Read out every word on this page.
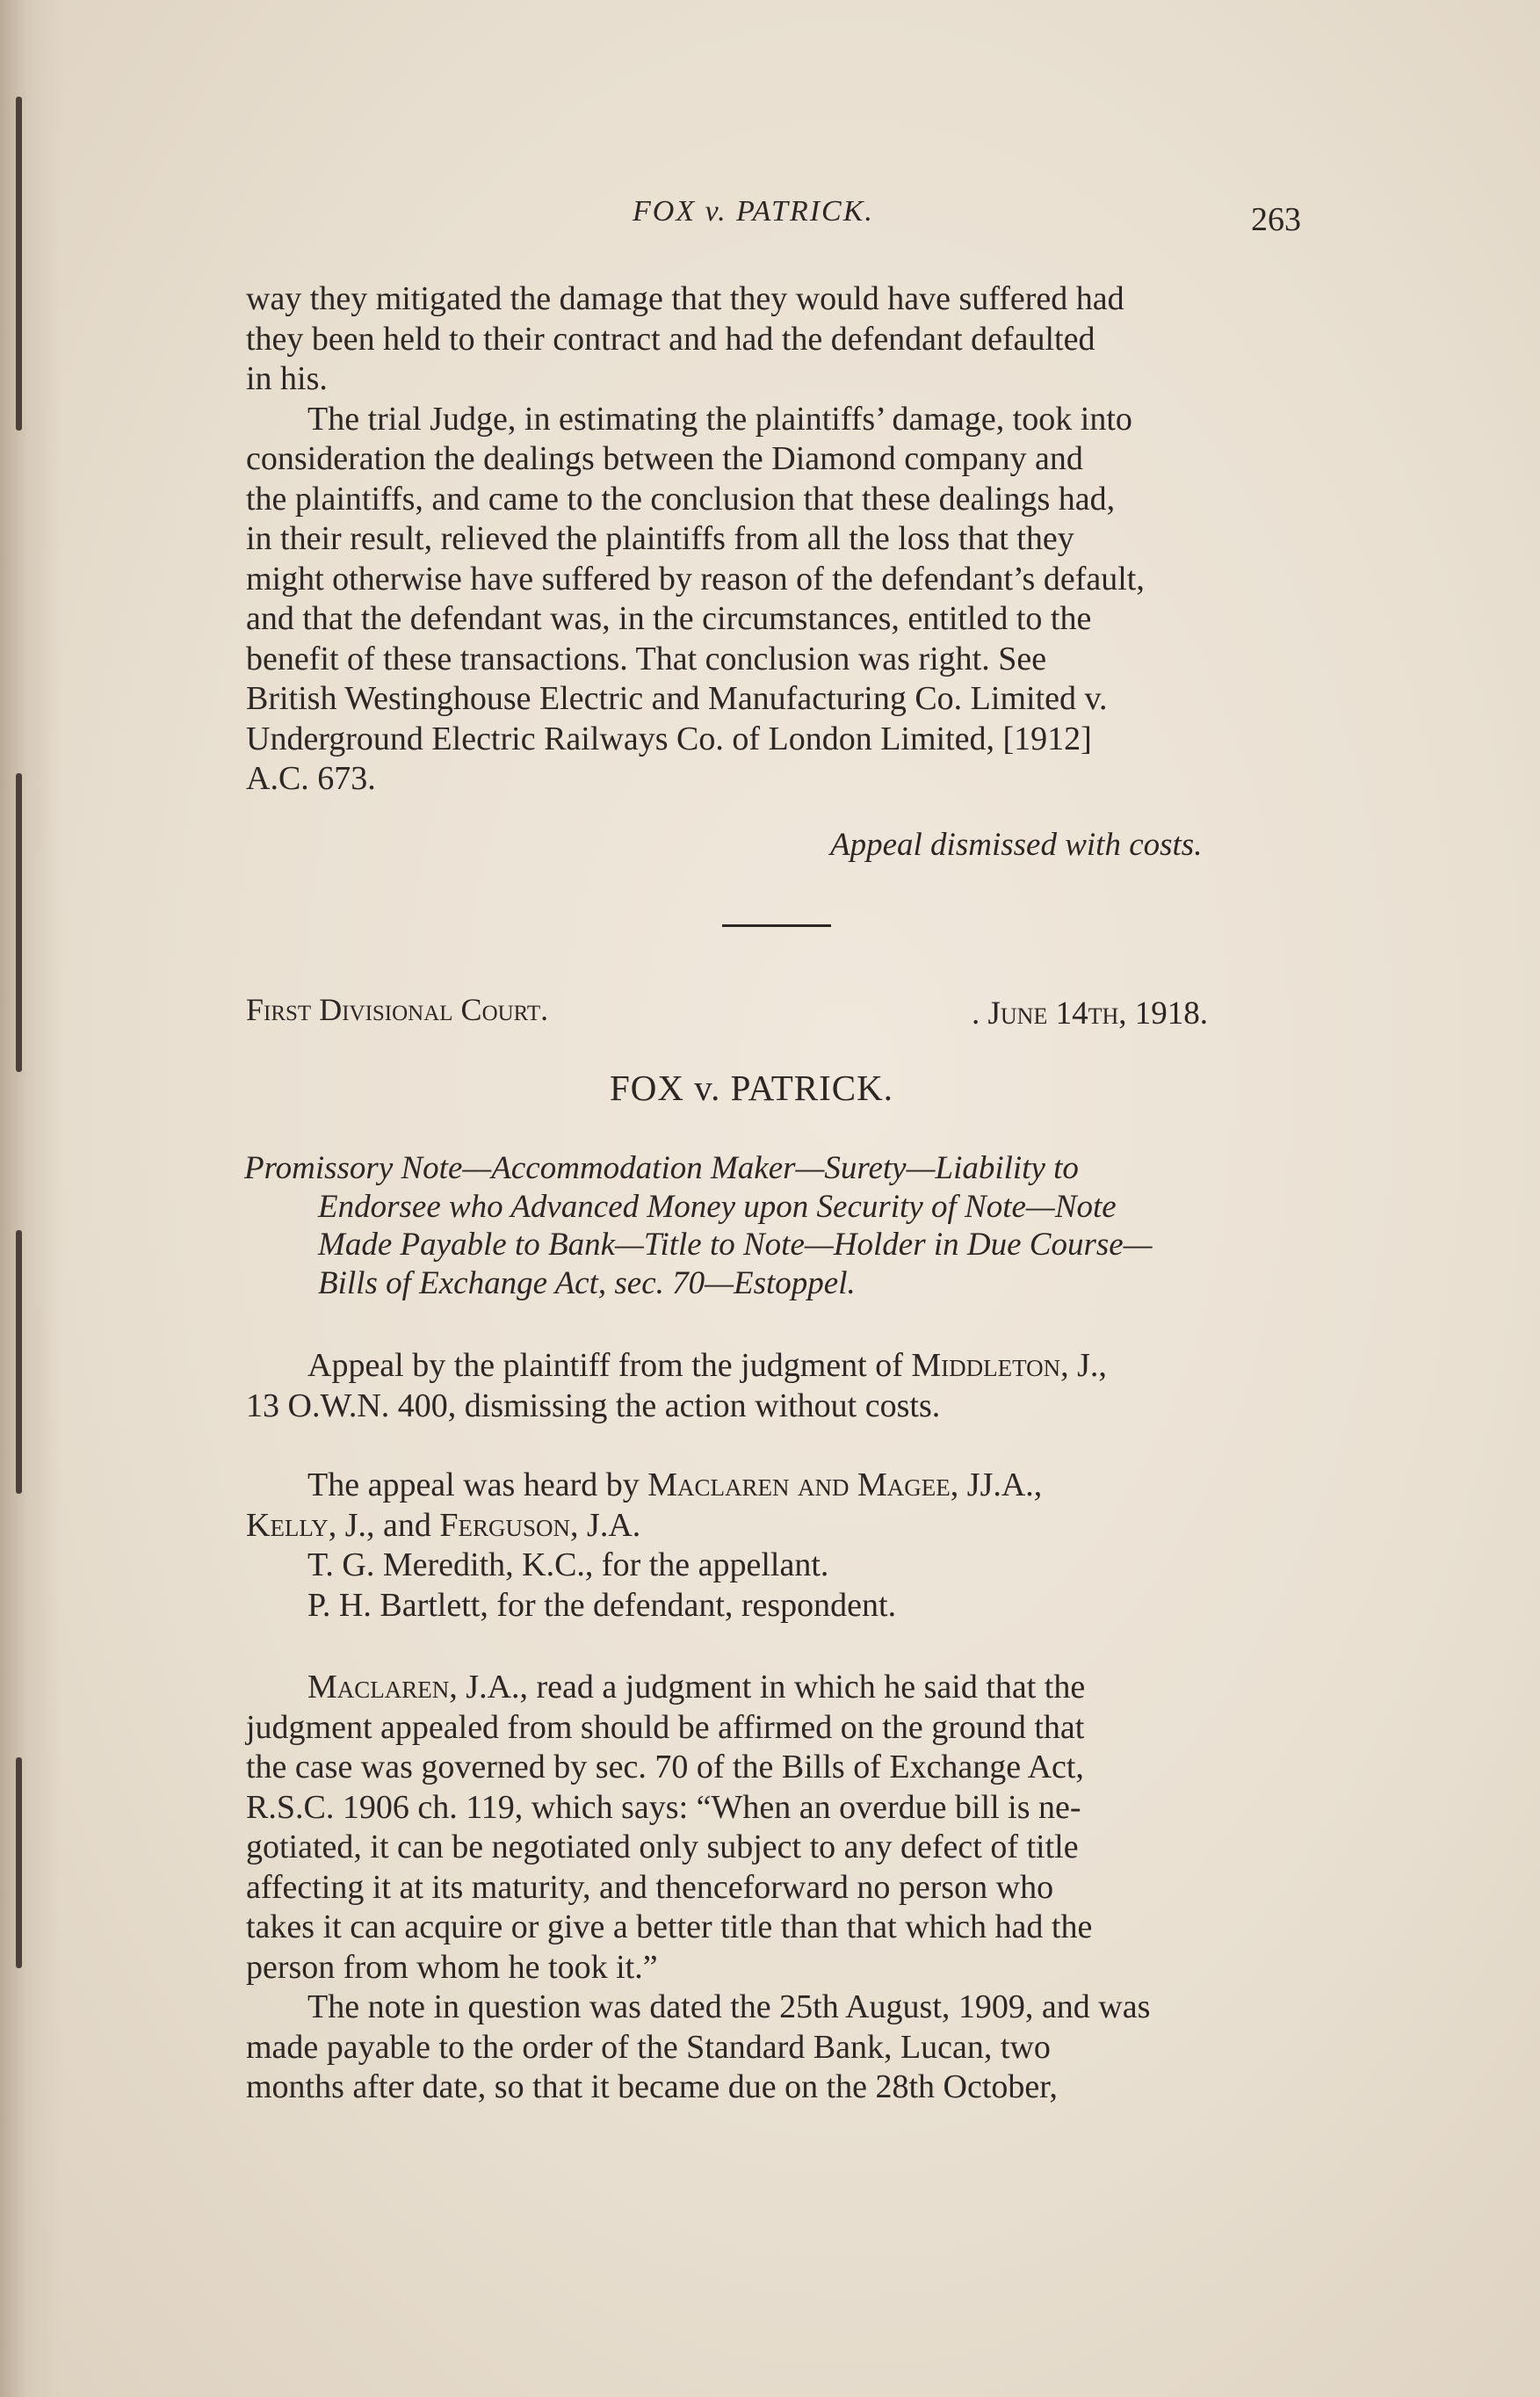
FOX v. PATRICK.	263
way they mitigated the damage that they would have suffered had
they been held to their contract and had the defendant defaulted
in his.
The trial Judge, in estimating the plaintiffs’ damage, took into
consideration the dealings between the Diamond company and
the plaintiffs, and came to the conclusion that these dealings had,
in their result, relieved the plaintiffs from all the loss that they
might otherwise have suffered by reason of the defendant’s default,
and that the defendant was, in the circumstances, entitled to the
benefit of these transactions. That conclusion was right. See
British Westinghouse Electric and Manufacturing Co. Limited v.
Underground Electric Railways Co. of London Limited, [1912]
A.C. 673.
Appeal dismissed with costs.
First Divisional Court.	. June 14th, 1918.
FOX v. PATRICK.
Promissory Note—Accommodation Maker—Surety—Liability to
Endorsee who Advanced Money upon Security of Note—Note
Made Payable to Bank—Title to Note—Holder in Due Course—
Bills of Exchange Act, sec. 70—Estoppel.
Appeal by the plaintiff from the judgment of Middleton, J.,
13 O.W.N. 400, dismissing the action without costs.
The appeal was heard by Maclaren and Magee, JJ.A.,
Kelly, J., and Ferguson, J.A.
T. G. Meredith, K.C., for the appellant.
P. H. Bartlett, for the defendant, respondent.
Maclaren, J.A., read a judgment in which he said that the
judgment appealed from should be affirmed on the ground that
the case was governed by sec. 70 of the Bills of Exchange Act,
R.S.C. 1906 ch. 119, which says: “When an overdue bill is ne-
gotiated, it can be negotiated only subject to any defect of title
affecting it at its maturity, and thenceforward no person who
takes it can acquire or give a better title than that which had the
person from whom he took it.”
The note in question was dated the 25th August, 1909, and was
made payable to the order of the Standard Bank, Lucan, two
months after date, so that it became due on the 28th October,
